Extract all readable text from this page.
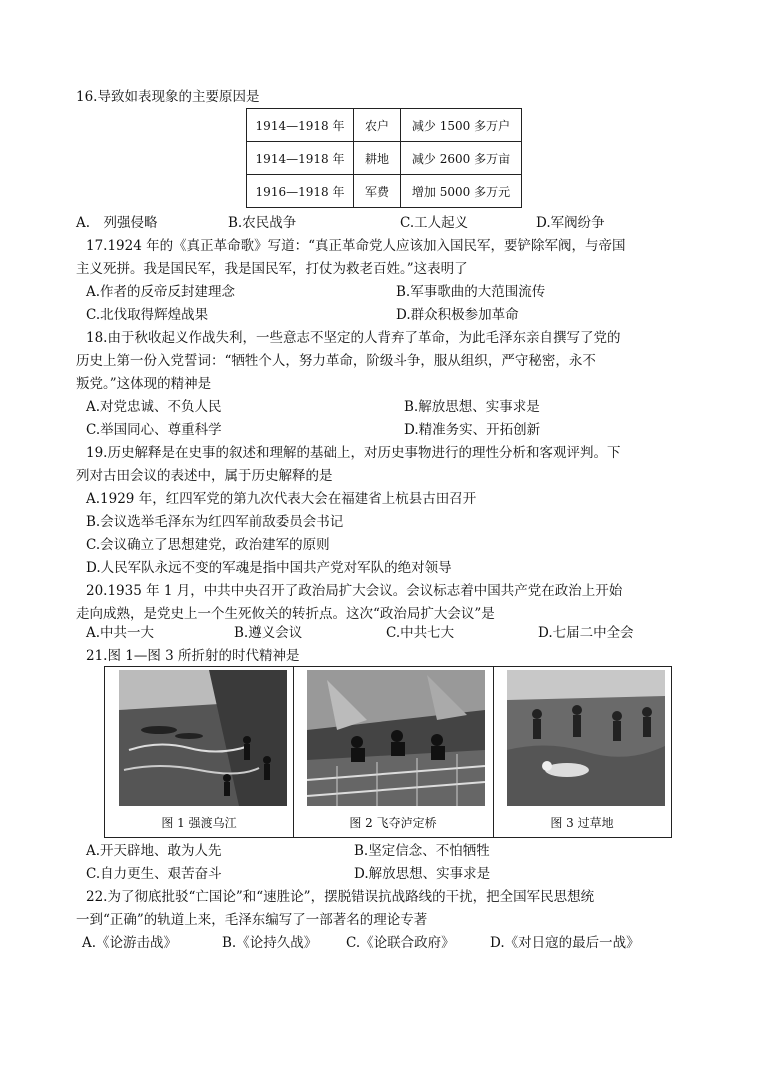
16.导致如表现象的主要原因是
1914—1918 年	农户	减少 1500 多万户
1914—1918 年	耕地	减少 2600 多万亩
1916—1918 年	军费	增加 5000 多万元
A.　列强侵略	B.农民战争	C.工人起义	D.军阀纷争
17.1924 年的《真正革命歌》写道：“真正革命党人应该加入国民军，要铲除军阀，与帝国
主义死拼。我是国民军，我是国民军，打仗为救老百姓。”这表明了
A.作者的反帝反封建理念	B.军事歌曲的大范围流传
C.北伐取得辉煌战果	D.群众积极参加革命
18.由于秋收起义作战失利，一些意志不坚定的人背弃了革命，为此毛泽东亲自撰写了党的
历史上第一份入党誓词：“牺牲个人，努力革命，阶级斗争，服从组织，严守秘密，永不
叛党。”这体现的精神是
A.对党忠诚、不负人民	B.解放思想、实事求是
C.举国同心、尊重科学	D.精准务实、开拓创新
19.历史解释是在史事的叙述和理解的基础上，对历史事物进行的理性分析和客观评判。下
列对古田会议的表述中，属于历史解释的是
A.1929 年，红四军党的第九次代表大会在福建省上杭县古田召开
B.会议选举毛泽东为红四军前敌委员会书记
C.会议确立了思想建党，政治建军的原则
D.人民军队永远不变的军魂是指中国共产党对军队的绝对领导
20.1935 年 1 月，中共中央召开了政治局扩大会议。会议标志着中国共产党在政治上开始
走向成熟，是党史上一个生死攸关的转折点。这次“政治局扩大会议”是
A.中共一大	B.遵义会议	C.中共七大	D.七届二中全会
21.图 1—图 3 所折射的时代精神是
图 1 强渡乌江	图 2 飞夺泸定桥	图 3 过草地
A.开天辟地、敢为人先	B.坚定信念、不怕牺牲
C.自力更生、艰苦奋斗	D.解放思想、实事求是
22.为了彻底批驳“亡国论”和“速胜论”，摆脱错误抗战路线的干扰，把全国军民思想统
一到“正确”的轨道上来，毛泽东编写了一部著名的理论专著
A.《论游击战》	B.《论持久战》 C.《论联合政府》	D.《对日寇的最后一战》
